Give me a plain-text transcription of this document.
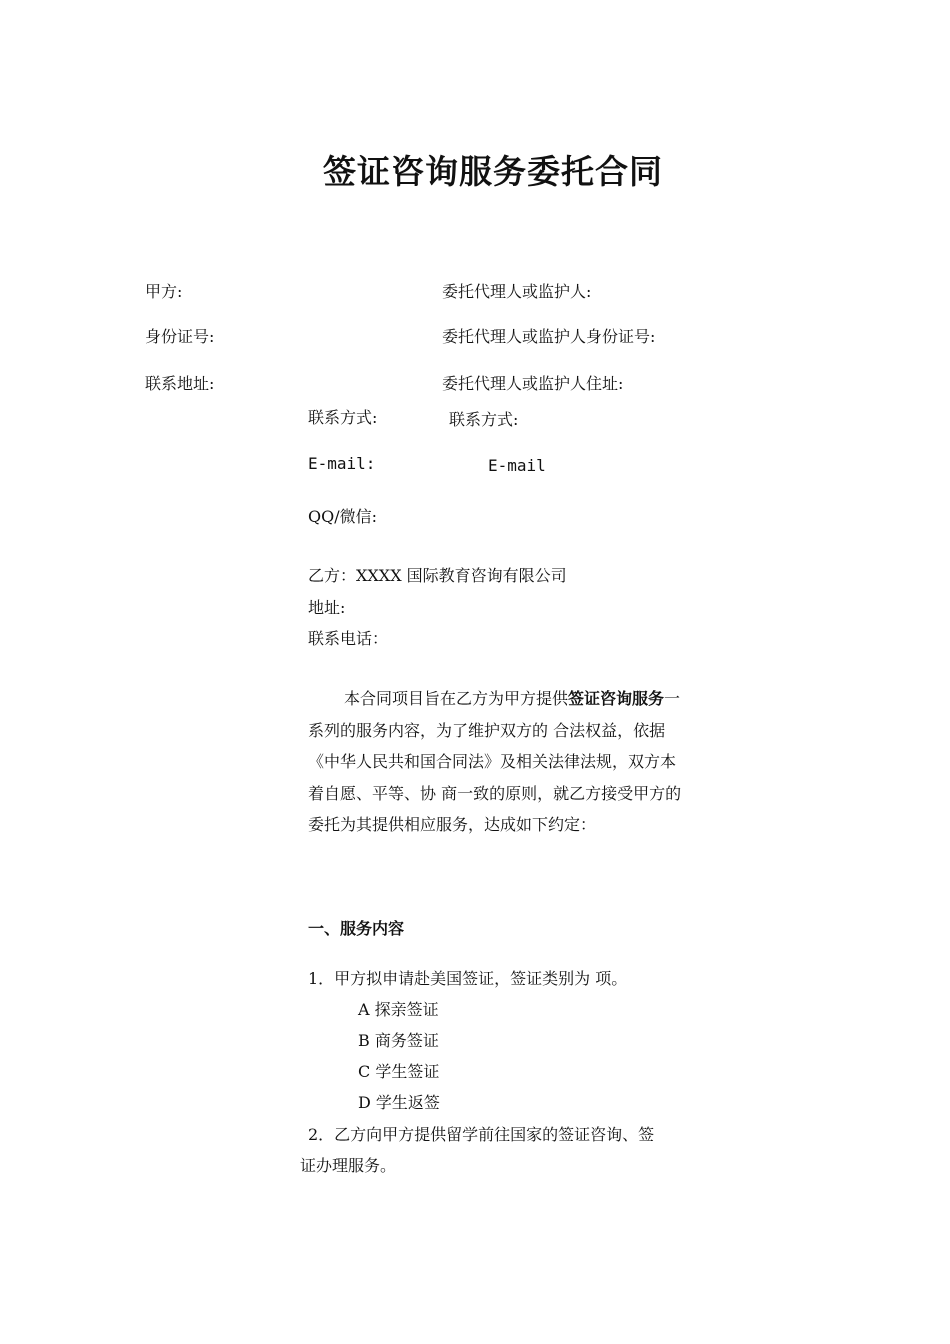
签证咨询服务委托合同
甲方:
身份证号:
联系地址:
委托代理人或监护人:
委托代理人或监护人身份证号:
委托代理人或监护人住址:
联系方式:	联系方式:
E-mail:	E-mail
QQ/微信:
乙方：XXXX 国际教育咨询有限公司
地址:
联系电话：
本合同项目旨在乙方为甲方提供签证咨询服务一系列的服务内容，为了维护双方的 合法权益，依据《中华人民共和国合同法》及相关法律法规，双方本着自愿、平等、协 商一致的原则，就乙方接受甲方的委托为其提供相应服务，达成如下约定：
一、服务内容
1．甲方拟申请赴美国签证，签证类别为 项。
A 探亲签证
B 商务签证
C 学生签证
D 学生返签
2．乙方向甲方提供留学前往国家的签证咨询、签
证办理服务。
